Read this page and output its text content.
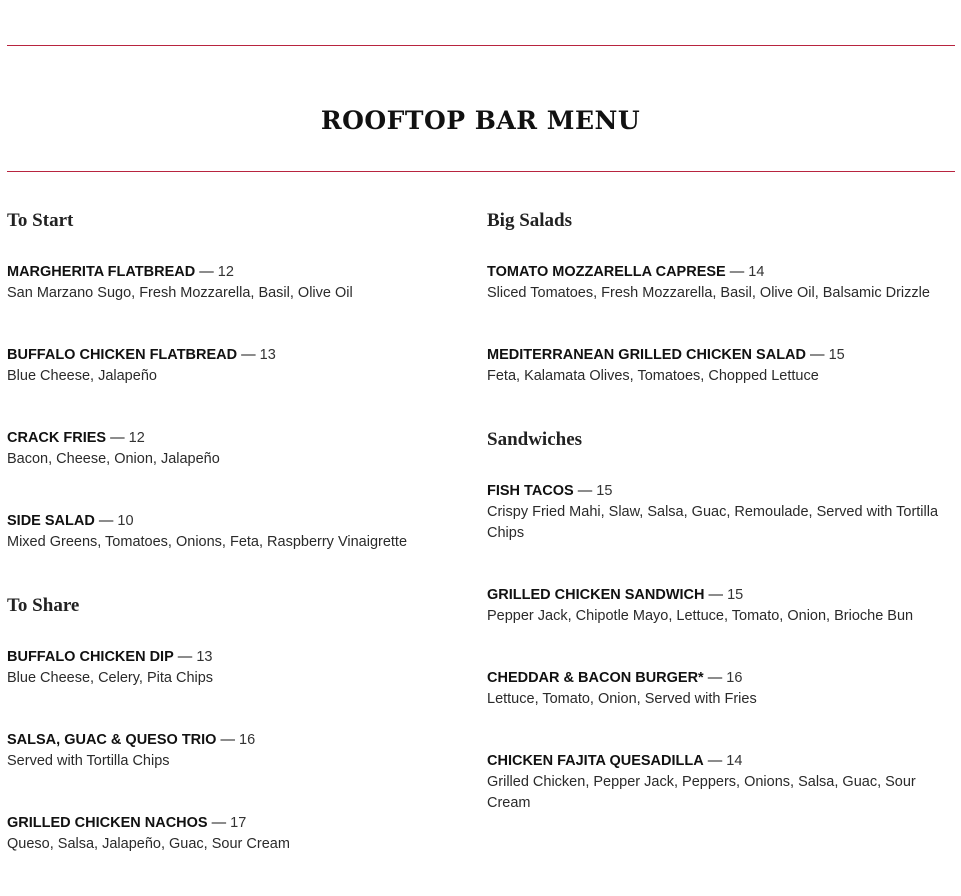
ROOFTOP BAR MENU
To Start
MARGHERITA FLATBREAD — 12
San Marzano Sugo, Fresh Mozzarella, Basil, Olive Oil
BUFFALO CHICKEN FLATBREAD — 13
Blue Cheese, Jalapeño
CRACK FRIES — 12
Bacon, Cheese, Onion, Jalapeño
SIDE SALAD — 10
Mixed Greens, Tomatoes, Onions, Feta, Raspberry Vinaigrette
To Share
BUFFALO CHICKEN DIP — 13
Blue Cheese, Celery, Pita Chips
SALSA, GUAC & QUESO TRIO — 16
Served with Tortilla Chips
GRILLED CHICKEN NACHOS — 17
Queso, Salsa, Jalapeño, Guac, Sour Cream
Big Salads
TOMATO MOZZARELLA CAPRESE — 14
Sliced Tomatoes, Fresh Mozzarella, Basil, Olive Oil, Balsamic Drizzle
MEDITERRANEAN GRILLED CHICKEN SALAD — 15
Feta, Kalamata Olives, Tomatoes, Chopped Lettuce
Sandwiches
FISH TACOS — 15
Crispy Fried Mahi, Slaw, Salsa, Guac, Remoulade, Served with Tortilla Chips
GRILLED CHICKEN SANDWICH — 15
Pepper Jack, Chipotle Mayo, Lettuce, Tomato, Onion, Brioche Bun
CHEDDAR & BACON BURGER* — 16
Lettuce, Tomato, Onion, Served with Fries
CHICKEN FAJITA QUESADILLA — 14
Grilled Chicken, Pepper Jack, Peppers, Onions, Salsa, Guac, Sour Cream
